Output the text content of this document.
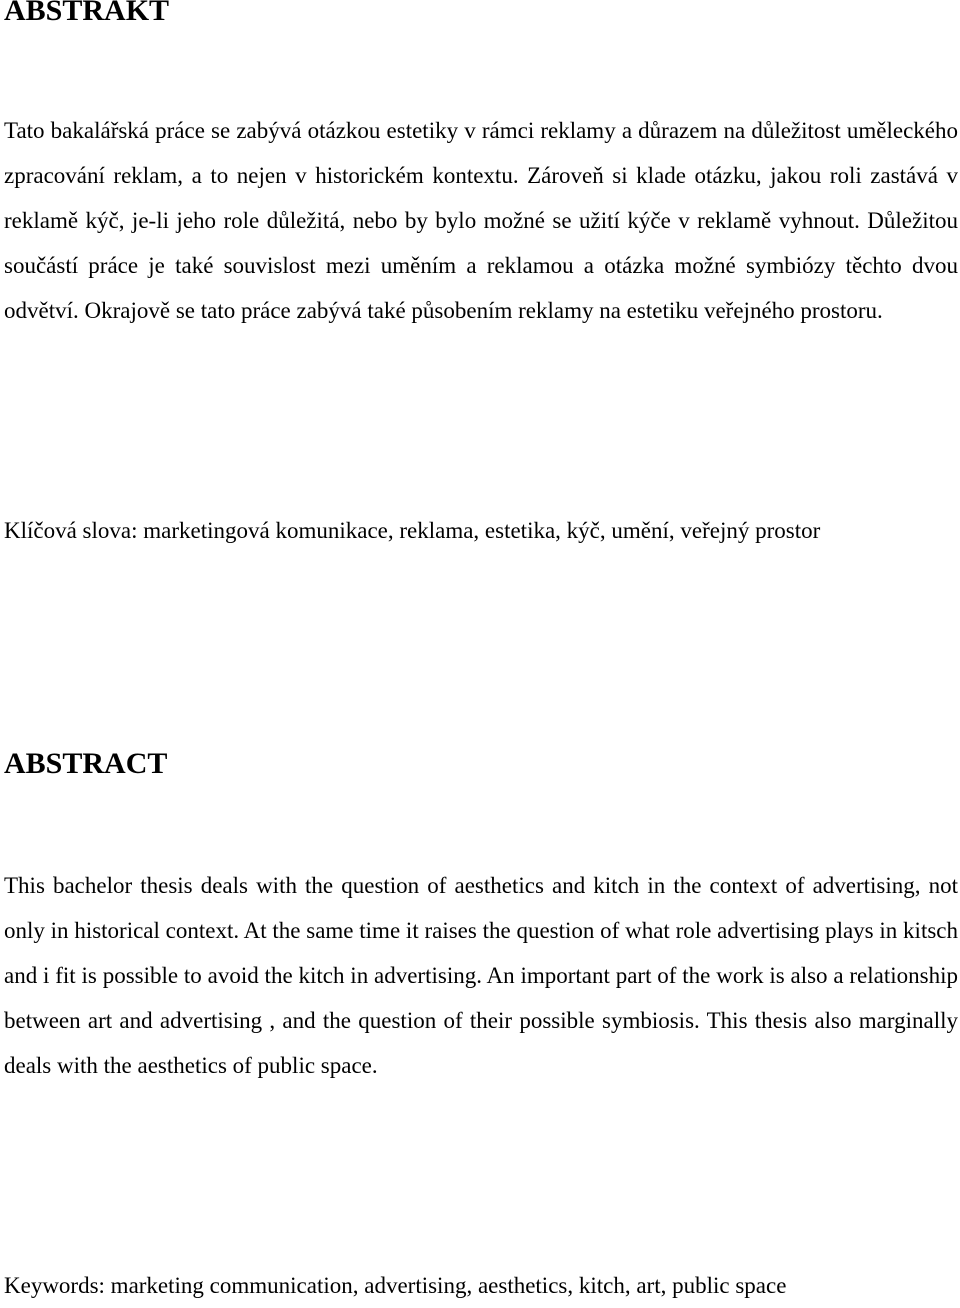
ABSTRAKT

Tato bakalářská práce se zabývá otázkou estetiky v rámci reklamy a důrazem na důležitost uměleckého zpracování reklam, a to nejen v historickém kontextu. Zároveň si klade otázku, jakou roli zastává v reklamě kýč, je-li jeho role důležitá, nebo by bylo možné se užití kýče v reklamě vyhnout. Důležitou součástí práce je také souvislost mezi uměním a reklamou a otázka možné symbiózy těchto dvou odvětví. Okrajově se tato práce zabývá také působením reklamy na estetiku veřejného prostoru.

Klíčová slova: marketingová komunikace, reklama, estetika, kýč, umění, veřejný prostor

ABSTRACT

This bachelor thesis deals with the question of aesthetics and kitch in the context of advertising, not only in historical context. At the same time it raises the question of what role advertising plays in kitsch and i fit is possible to avoid the kitch in advertising. An important part of the work is also a relationship between art and advertising , and the question of their possible symbiosis. This thesis also marginally deals with the aesthetics of public space.

Keywords: marketing communication, advertising, aesthetics, kitch, art, public space
